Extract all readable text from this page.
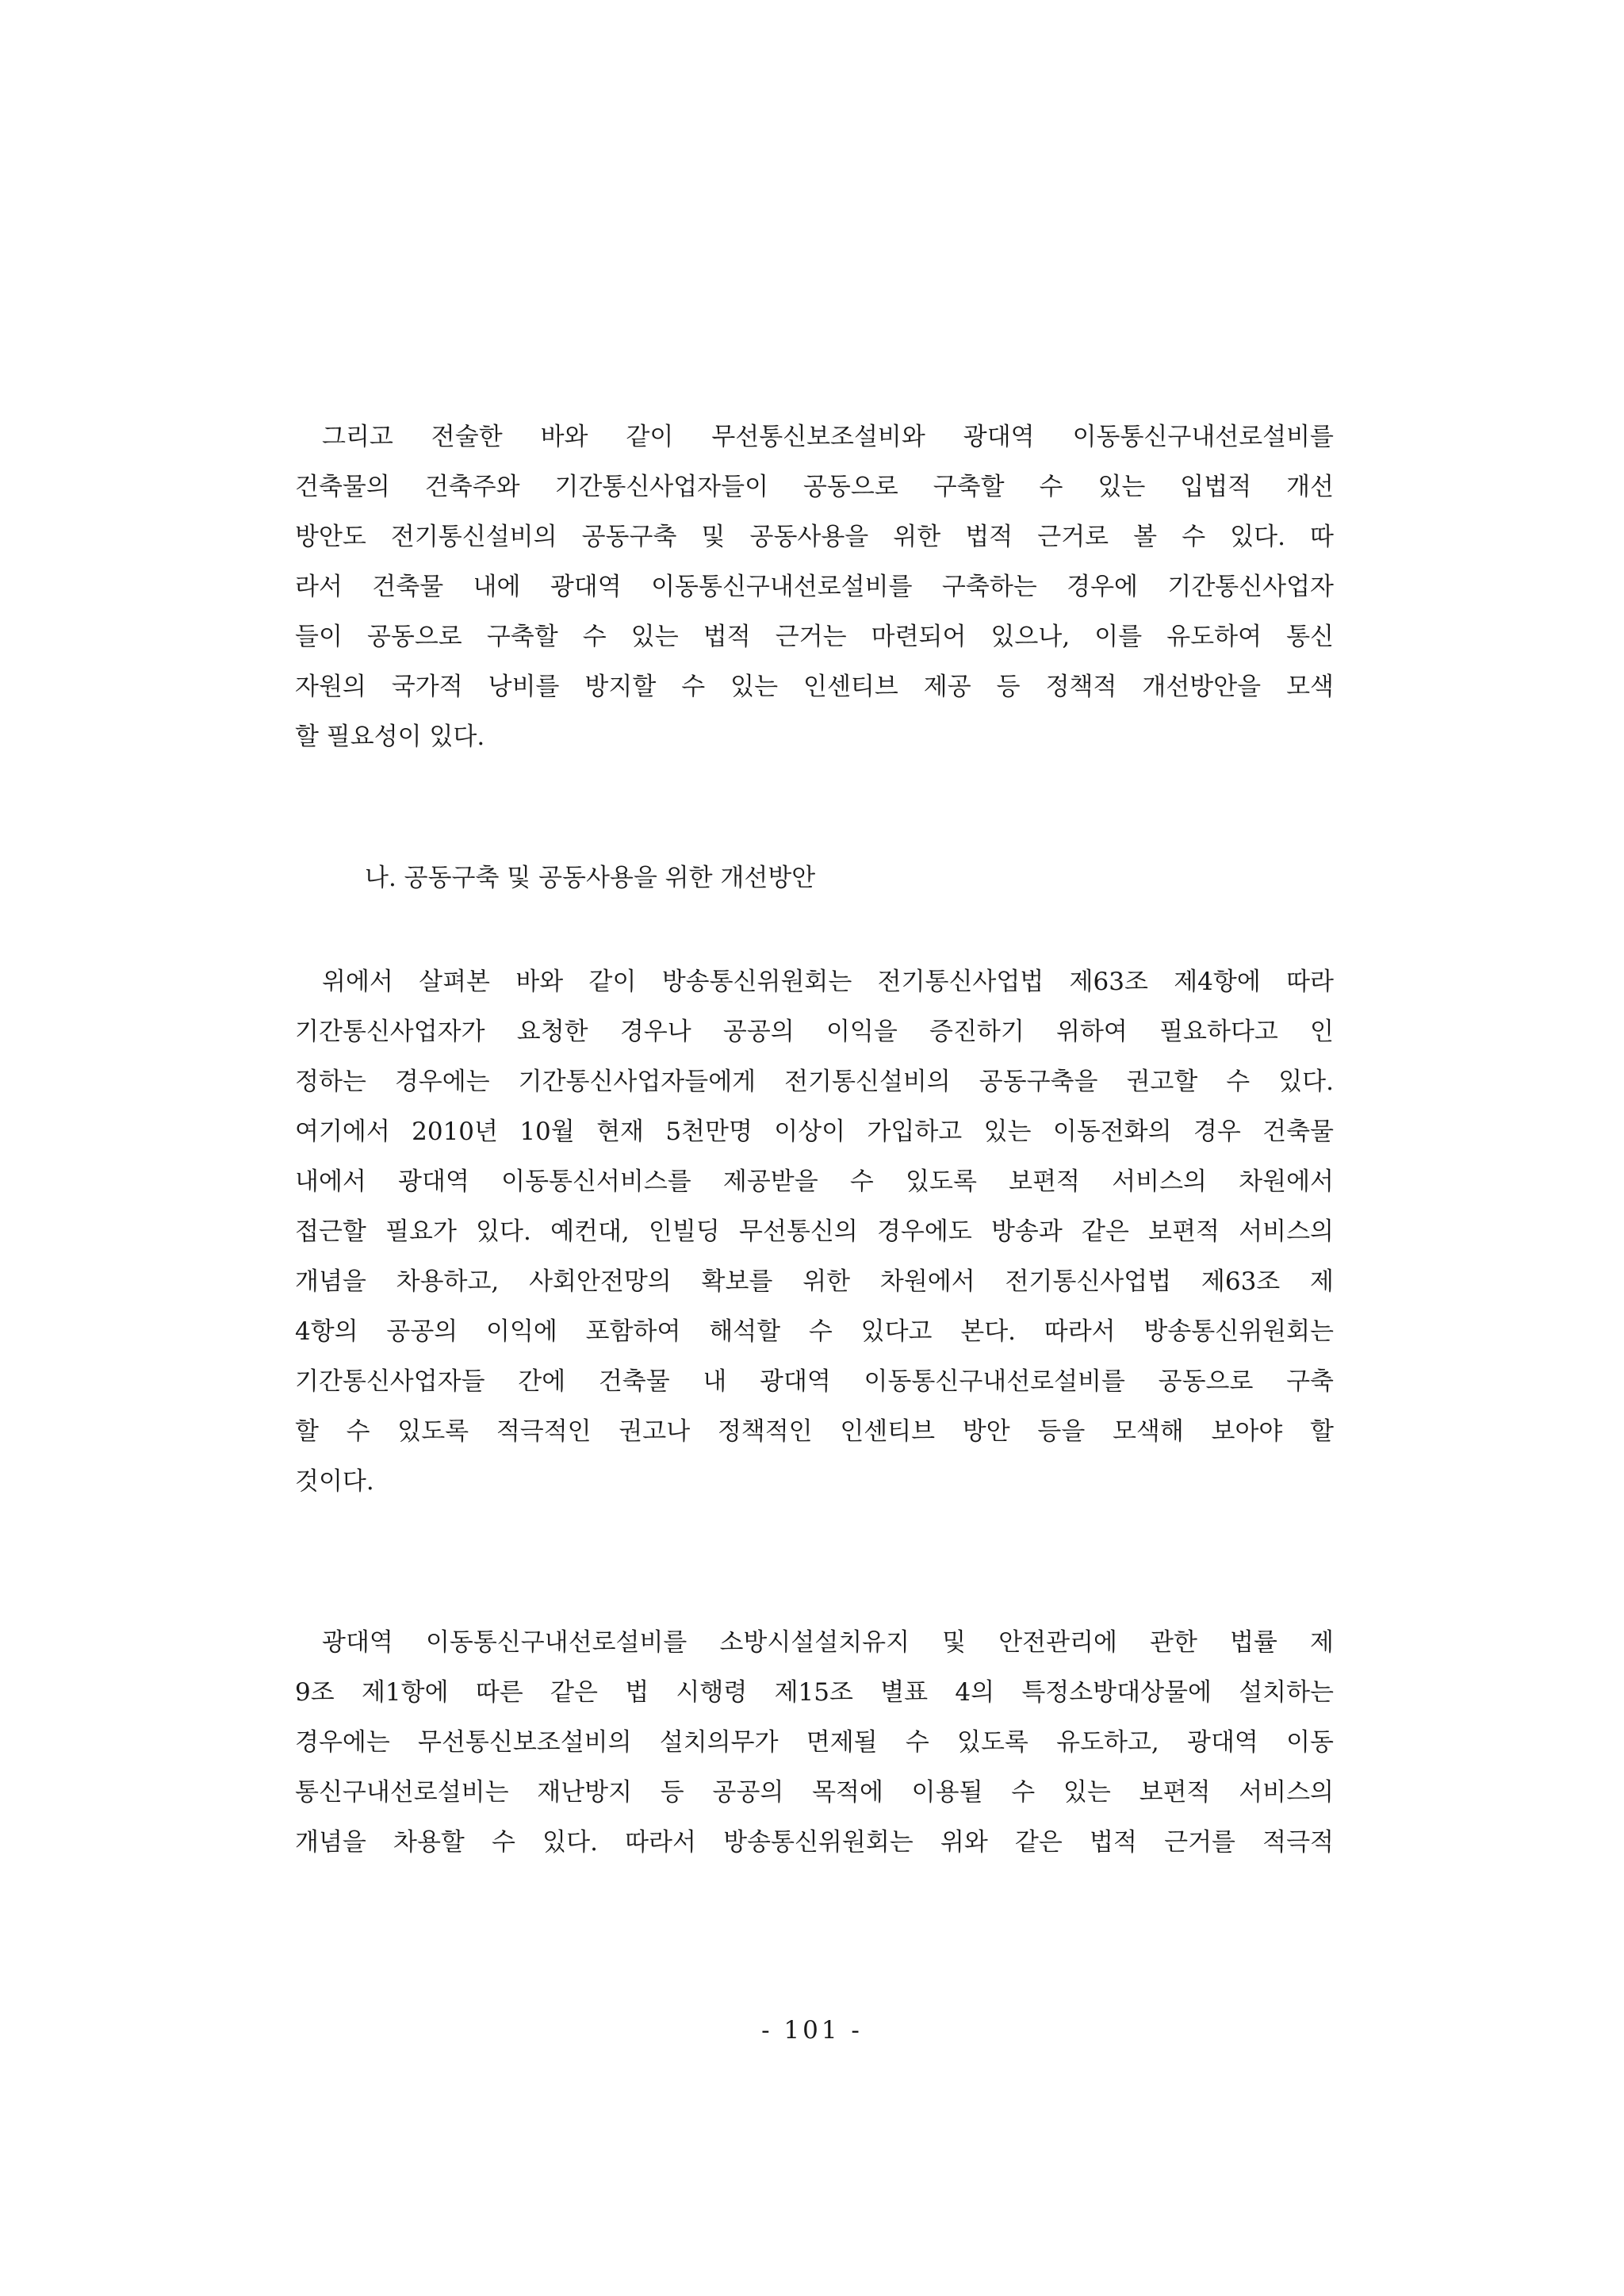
그리고 전술한 바와 같이 무선통신보조설비와 광대역 이동통신구내선로설비를
건축물의 건축주와 기간통신사업자들이 공동으로 구축할 수 있는 입법적 개선
방안도 전기통신설비의 공동구축 및 공동사용을 위한 법적 근거로 볼 수 있다. 따
라서 건축물 내에 광대역 이동통신구내선로설비를 구축하는 경우에 기간통신사업자
들이 공동으로 구축할 수 있는 법적 근거는 마련되어 있으나, 이를 유도하여 통신
자원의 국가적 낭비를 방지할 수 있는 인센티브 제공 등 정책적 개선방안을 모색
할 필요성이 있다.
나. 공동구축 및 공동사용을 위한 개선방안
위에서 살펴본 바와 같이 방송통신위원회는 전기통신사업법 제63조 제4항에 따라
기간통신사업자가 요청한 경우나 공공의 이익을 증진하기 위하여 필요하다고 인
정하는 경우에는 기간통신사업자들에게 전기통신설비의 공동구축을 권고할 수 있다.
여기에서 2010년 10월 현재 5천만명 이상이 가입하고 있는 이동전화의 경우 건축물
내에서 광대역 이동통신서비스를 제공받을 수 있도록 보편적 서비스의 차원에서
접근할 필요가 있다. 예컨대, 인빌딩 무선통신의 경우에도 방송과 같은 보편적 서비스의
개념을 차용하고, 사회안전망의 확보를 위한 차원에서 전기통신사업법 제63조 제
4항의 공공의 이익에 포함하여 해석할 수 있다고 본다. 따라서 방송통신위원회는
기간통신사업자들 간에 건축물 내 광대역 이동통신구내선로설비를 공동으로 구축
할 수 있도록 적극적인 권고나 정책적인 인센티브 방안 등을 모색해 보아야 할
것이다.
광대역 이동통신구내선로설비를 소방시설설치유지 및 안전관리에 관한 법률 제
9조 제1항에 따른 같은 법 시행령 제15조 별표 4의 특정소방대상물에 설치하는
경우에는 무선통신보조설비의 설치의무가 면제될 수 있도록 유도하고, 광대역 이동
통신구내선로설비는 재난방지 등 공공의 목적에 이용될 수 있는 보편적 서비스의
개념을 차용할 수 있다. 따라서 방송통신위원회는 위와 같은 법적 근거를 적극적
- 101 -
